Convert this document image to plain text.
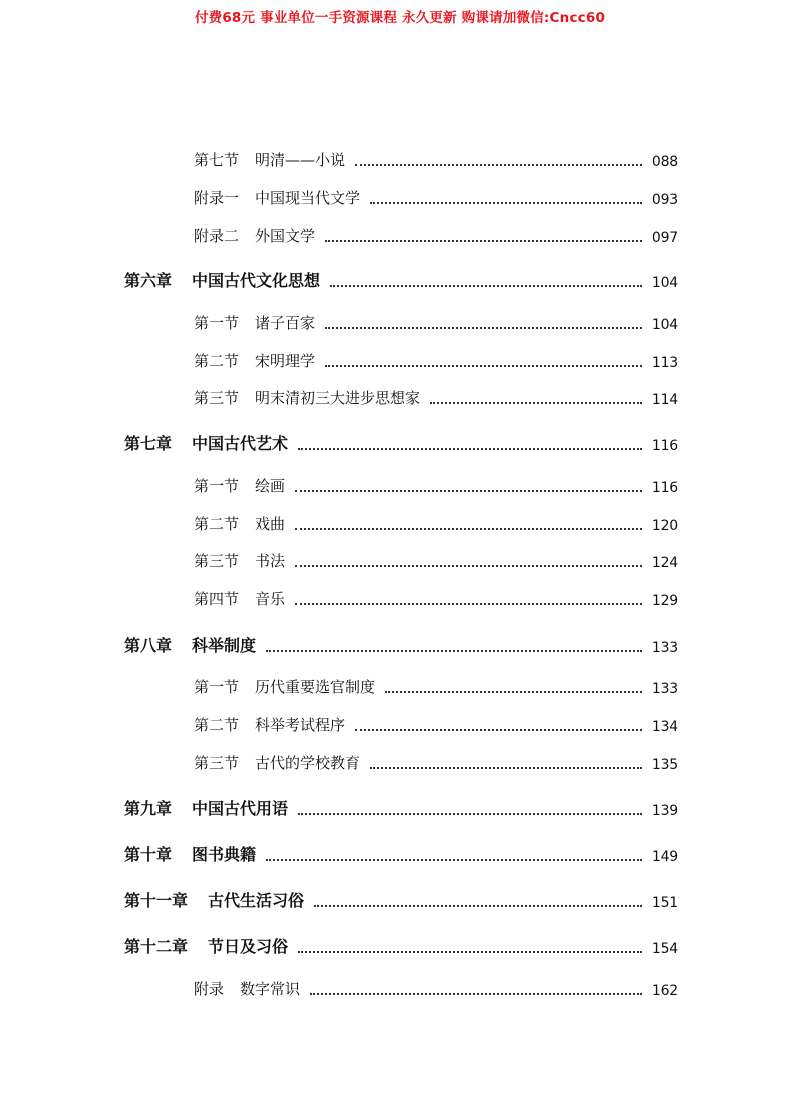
付费68元 事业单位一手资源课程 永久更新 购课请加微信:Cncc60
第七节 明清——小说	088
附录一 中国现当代文学	093
附录二 外国文学	097
第六章 中国古代文化思想	104
第一节 诸子百家	104
第二节 宋明理学	113
第三节 明末清初三大进步思想家	114
第七章 中国古代艺术	116
第一节 绘画	116
第二节 戏曲	120
第三节 书法	124
第四节 音乐	129
第八章 科举制度	133
第一节 历代重要选官制度	133
第二节 科举考试程序	134
第三节 古代的学校教育	135
第九章 中国古代用语	139
第十章 图书典籍	149
第十一章 古代生活习俗	151
第十二章 节日及习俗	154
附录 数字常识	162
